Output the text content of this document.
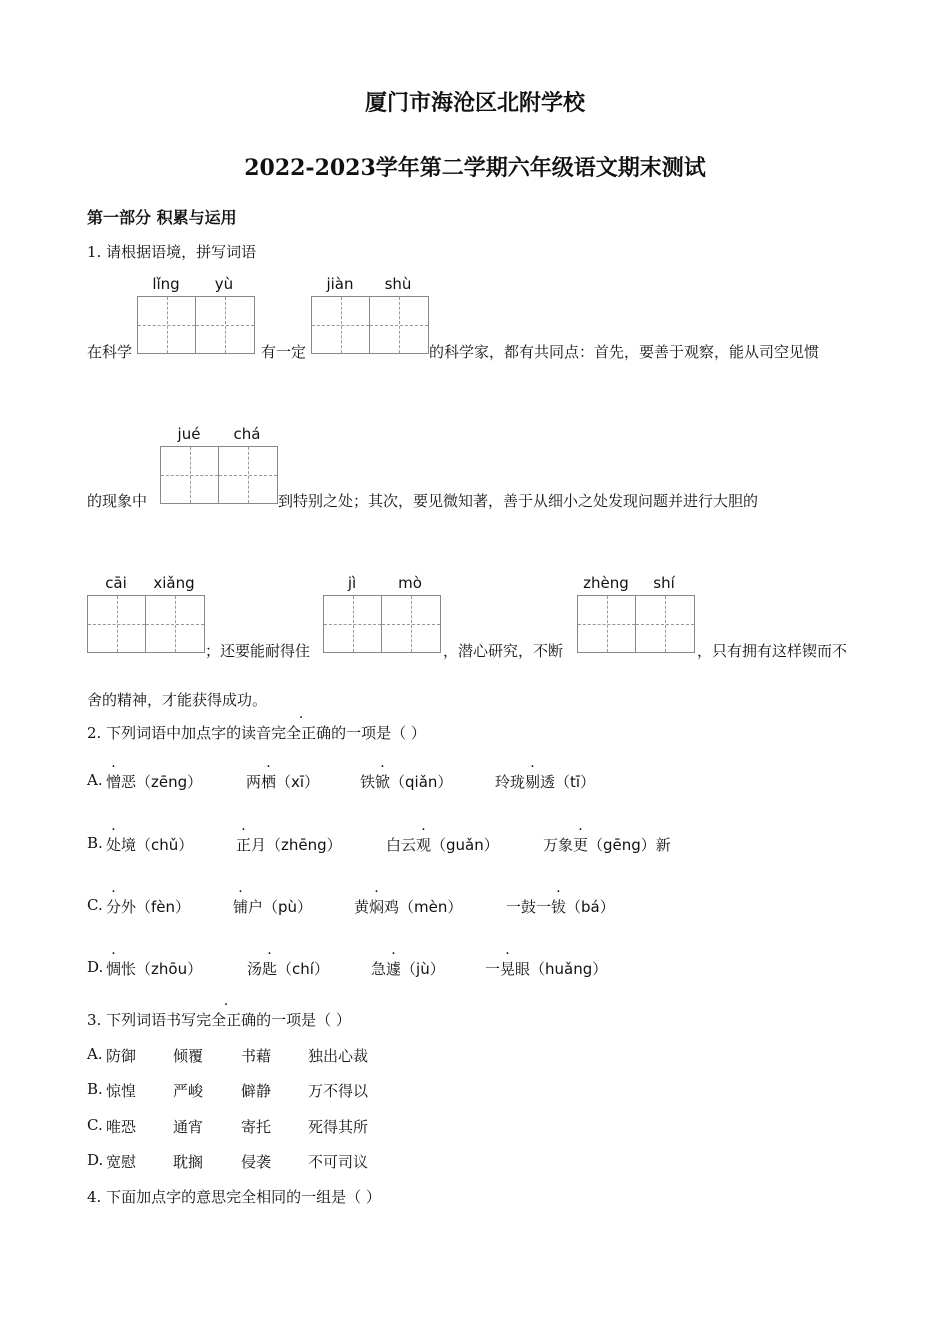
厦门市海沧区北附学校
2022-2023学年第二学期六年级语文期末测试
第一部分 积累与运用
1. 请根据语境，拼写词语
lǐng	yù	jiàn	shù
在科学	有一定	的科学家，都有共同点：首先，要善于观察，能从司空见惯
jué	chá
的现象中	到特别之处；其次，要见微知著，善于从细小之处发现问题并进行大胆的
cāi	xiǎng	jì	mò	zhèng	shí
；还要能耐得住	，潜心研究，不断	，只有拥有这样锲而不
舍的精神，才能获得成功。
2. 下列词语中加点字的读音完全正确的一项是（ ）
A. 憎恶（zēng）	两栖（xī）	铁锨（qiǎn）	玲珑剔透（tī）
B. 处境（chǔ）	正月（zhēng）	白云观（guǎn）	万象更（gēng）新
C. 分外（fèn）	铺户（pù）	黄焖鸡（mèn）	一鼓一钹（bá）
D. 惆怅（zhōu）	汤匙（chí）	急遽（jù）	一晃眼（huǎng）
3. 下列词语书写完全正确的一项是（ ）
A. 防御 倾覆	书藉 独出心裁
B. 惊惶 严峻	僻静 万不得以
C. 唯恐 通宵	寄托 死得其所
D. 宽慰 耽搁	侵袭 不可司议
4. 下面加点字的意思完全相同的一组是（ ）
